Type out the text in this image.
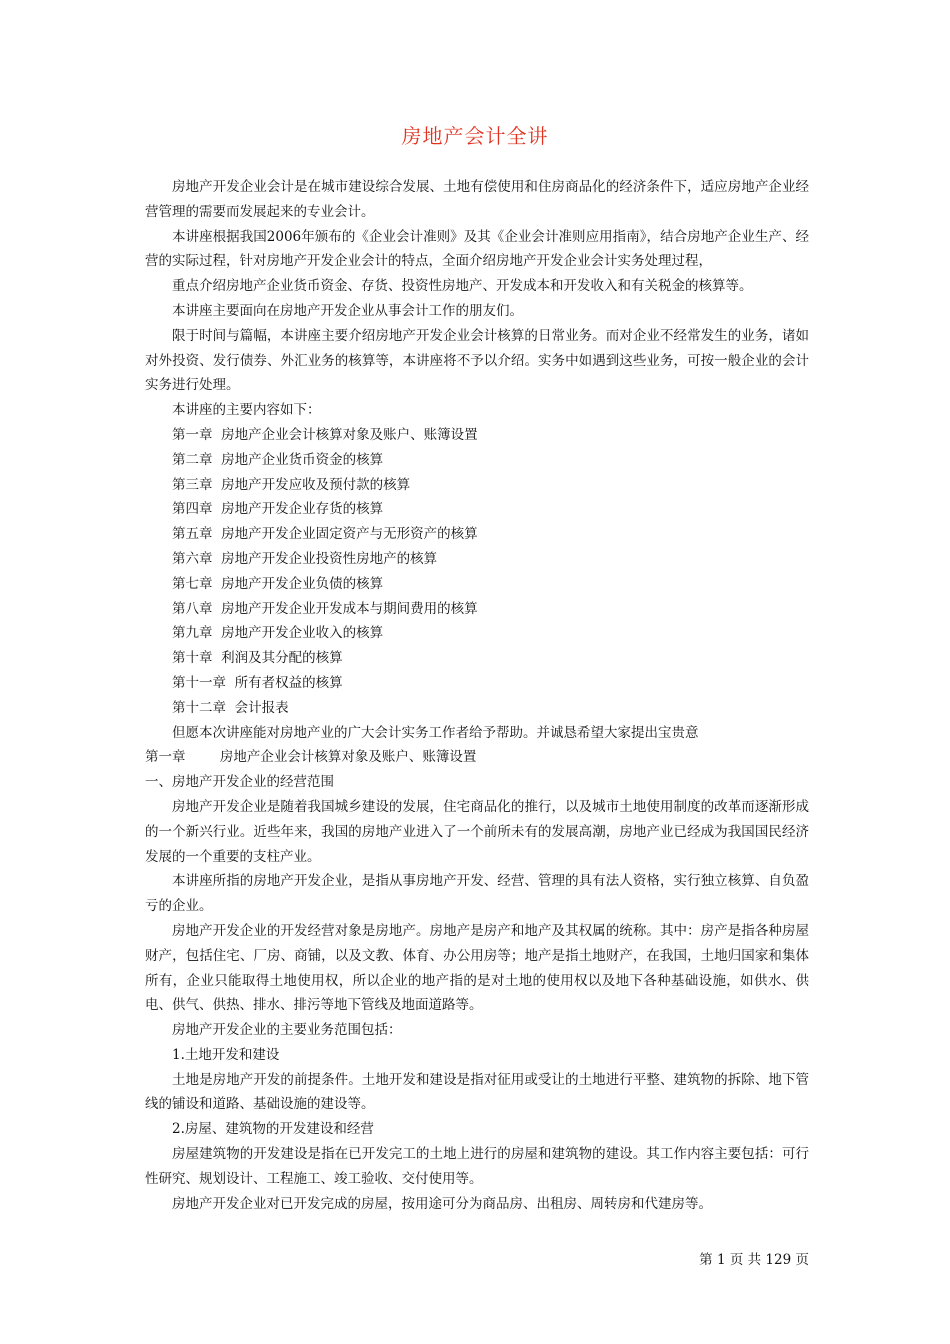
房地产会计全讲

房地产开发企业会计是在城市建设综合发展、土地有偿使用和住房商品化的经济条件下，适应房地产企业经营管理的需要而发展起来的专业会计。

本讲座根据我国2006年颁布的《企业会计准则》及其《企业会计准则应用指南》，结合房地产企业生产、经营的实际过程，针对房地产开发企业会计的特点，全面介绍房地产开发企业会计实务处理过程，

重点介绍房地产企业货币资金、存货、投资性房地产、开发成本和开发收入和有关税金的核算等。

本讲座主要面向在房地产开发企业从事会计工作的朋友们。

限于时间与篇幅，本讲座主要介绍房地产开发企业会计核算的日常业务。而对企业不经常发生的业务，诸如对外投资、发行债券、外汇业务的核算等，本讲座将不予以介绍。实务中如遇到这些业务，可按一般企业的会计实务进行处理。

本讲座的主要内容如下：

第一章  房地产企业会计核算对象及账户、账簿设置

第二章  房地产企业货币资金的核算

第三章  房地产开发应收及预付款的核算

第四章  房地产开发企业存货的核算

第五章  房地产开发企业固定资产与无形资产的核算

第六章  房地产开发企业投资性房地产的核算

第七章  房地产开发企业负债的核算

第八章  房地产开发企业开发成本与期间费用的核算

第九章  房地产开发企业收入的核算

第十章  利润及其分配的核算

第十一章  所有者权益的核算

第十二章  会计报表

但愿本次讲座能对房地产业的广大会计实务工作者给予帮助。并诚恳希望大家提出宝贵意

第一章        房地产企业会计核算对象及账户、账簿设置

一、房地产开发企业的经营范围

房地产开发企业是随着我国城乡建设的发展，住宅商品化的推行，以及城市土地使用制度的改革而逐渐形成的一个新兴行业。近些年来，我国的房地产业进入了一个前所未有的发展高潮，房地产业已经成为我国国民经济发展的一个重要的支柱产业。

本讲座所指的房地产开发企业，是指从事房地产开发、经营、管理的具有法人资格，实行独立核算、自负盈亏的企业。

房地产开发企业的开发经营对象是房地产。房地产是房产和地产及其权属的统称。其中：房产是指各种房屋财产，包括住宅、厂房、商铺，以及文教、体育、办公用房等；地产是指土地财产，在我国，土地归国家和集体所有，企业只能取得土地使用权，所以企业的地产指的是对土地的使用权以及地下各种基础设施，如供水、供电、供气、供热、排水、排污等地下管线及地面道路等。

房地产开发企业的主要业务范围包括：

1.土地开发和建设

土地是房地产开发的前提条件。土地开发和建设是指对征用或受让的土地进行平整、建筑物的拆除、地下管线的铺设和道路、基础设施的建设等。

2.房屋、建筑物的开发建设和经营

房屋建筑物的开发建设是指在已开发完工的土地上进行的房屋和建筑物的建设。其工作内容主要包括：可行性研究、规划设计、工程施工、竣工验收、交付使用等。

房地产开发企业对已开发完成的房屋，按用途可分为商品房、出租房、周转房和代建房等。

第 1 页 共 129 页
